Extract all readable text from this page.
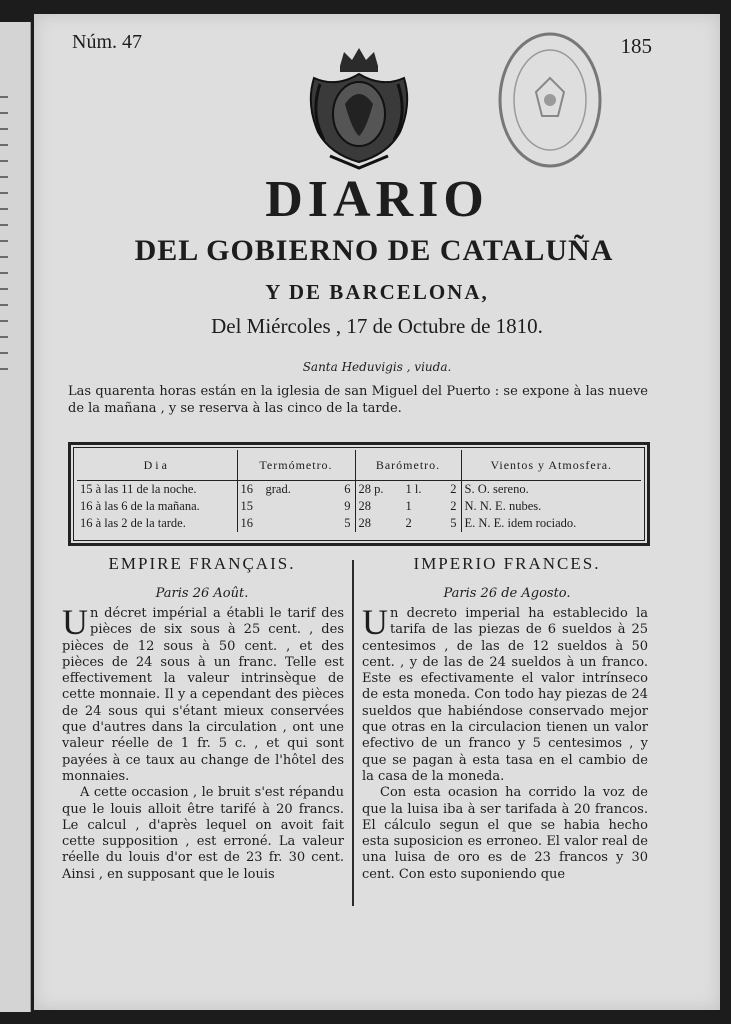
Núm. 47	185
DIARIO
DEL GOBIERNO DE CATALUÑA
Y DE BARCELONA,
Del Miércoles , 17 de Octubre de 1810.
Santa Heduvigis , viuda.
Las quarenta horas están en la iglesia de san Miguel del Puerto : se expone à las nueve de la mañana , y se reserva à las cinco de la tarde.
Dia	Termómetro.	Barómetro.	Vientos y Atmosfera.
15 à las 11 de la noche.	16 grad. 6	28 p. 1 l. 2	S. O. sereno.
16 à las 6 de la mañana.	15 9	28 1 2	N. N. E. nubes.
16 à las 2 de la tarde.	16 5	28 2 5	E. N. E. idem rociado.
EMPIRE FRANÇAIS.
Paris 26 Août.

Un décret impérial a établi le tarif des pièces de six sous à 25 cent. , des pièces de 12 sous à 50 cent. , et des pièces de 24 sous à un franc. Telle est effectivement la valeur intrinsèque de cette monnaie. Il y a cependant des pièces de 24 sous qui s'étant mieux conservées que d'autres dans la circulation , ont une valeur réelle de 1 fr. 5 c. , et qui sont payées à ce taux au change de l'hôtel des monnaies.

A cette occasion , le bruit s'est répandu que le louis alloit être tarifé à 20 francs. Le calcul , d'après lequel on avoit fait cette supposition , est erroné. La valeur réelle du louis d'or est de 23 fr. 30 cent. Ainsi , en supposant que le louis

IMPERIO FRANCES.
Paris 26 de Agosto.

Un decreto imperial ha establecido la tarifa de las piezas de 6 sueldos à 25 centesimos , de las de 12 sueldos à 50 cent. , y de las de 24 sueldos à un franco. Este es efectivamente el valor intrínseco de esta moneda. Con todo hay piezas de 24 sueldos que habiéndose conservado mejor que otras en la circulacion tienen un valor efectivo de un franco y 5 centesimos , y que se pagan à esta tasa en el cambio de la casa de la moneda.

Con esta ocasion ha corrido la voz de que la luisa iba à ser tarifada à 20 francos. El cálculo segun el que se habia hecho esta suposicion es erroneo. El valor real de una luisa de oro es de 23 francos y 30 cent. Con esto suponiendo que
